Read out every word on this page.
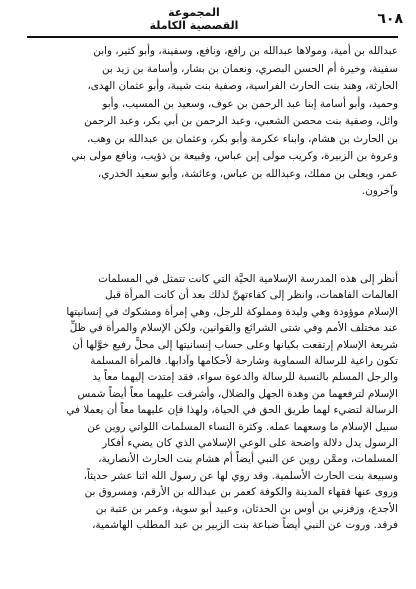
المجموعة
القصصية الكاملة	٦٠٨
عبدالله بن أمية، ومولاها عبدالله بن رافع، ونافع، وسفينة، وأبو كثير، وابن
سفينة، وخيرة أم الحسن البصري، ونعمان بن بشار، وأسامة بن زيد بن
الحارثة، وهند بنت الحارث الفراسية، وصفية بنت شيبة، وأبو عثمان الهدى،
وحميد، وأبو أسامة إبنا عبد الرحمن بن عوف، وسعيد بن المسيب، وأبو
وائل، وصفية بنت محصن الشعبي، وعبد الرحمن بن أبي بكر، وعبد الرحمن
بن الحارث بن هشام، وابناء عكرمة وأبو بكر، وعثمان بن عبدالله بن وهب،
وعروة بن الزبيرة، وكريب مولى إبن عباس، وقبيعة بن ذؤيب، ونافع مولى بني
عمر، ويعلى بن مملك، وعبدالله بن عباس، وعائشة، وأبو سعيد الخدري،
وآخرون.
أنظر إلى هذه المدرسة الإسلامية الحيَّة التي كانت تتمثل في المسلمات
العالمات الفاهمات، وانظر إلى كفاءتهنَّ لذلك بعد أن كانت المرأة قبل
الإسلام موؤودة وهي وليدة ومملوكة للرجل، وهي إمرأة ومشكوك في إنسانيتها
عند مختلف الأمم وفي شتى الشرائع والقوانين، ولكن الإسلام والمرأة في ظلِّ
شريعة الإسلام إرتفعت بكيانها وعلى حساب إنسانيتها إلى محلٍّ رفيع خوَّلها أن
تكون راعية للرسالة السماوية وشارحة لأحكامها وآدابها. فالمرأة المسلمة
والرجل المسلم بالنسبة للرسالة والدعوة سواء، فقد إمتدت إليهما معاً يد
الإسلام لترفعهما من وهدة الجهل والضلال، وأشرقت عليهما معاً أيضاً شمس
الرسالة لتضيء لهما طريق الحق في الحياة، ولهذا فإن عليهما معاً أن يعملا في
سبيل الإسلام ما وسعهما عمله. وكثرة النساء المسلمات اللواتي روين عن
الرسول يدل دلالة واضحة على الوعي الإسلامي الذي كان يضيء أفكار
المسلمات، وممَّن روين عن النبي أيضاً أم هشام بنت الحارث الأنصارية،
وسبيعة بنت الحارث الأسلمية. وقد روي لها عن رسول الله اثنا عشر حديثاً،
وروى عنها فقهاء المدينة والكوفة كعمر بن عبدالله بن الأرقم، ومسروق بن
الأجدع، وزفزني بن أوس بن الحدثان، وعبيد أبو سوية، وعمر بن عتبة بن
فرقد. وروت عن النبي أيضاً ضباعة بنت الزبير بن عبد المطلب الهاشمية،
